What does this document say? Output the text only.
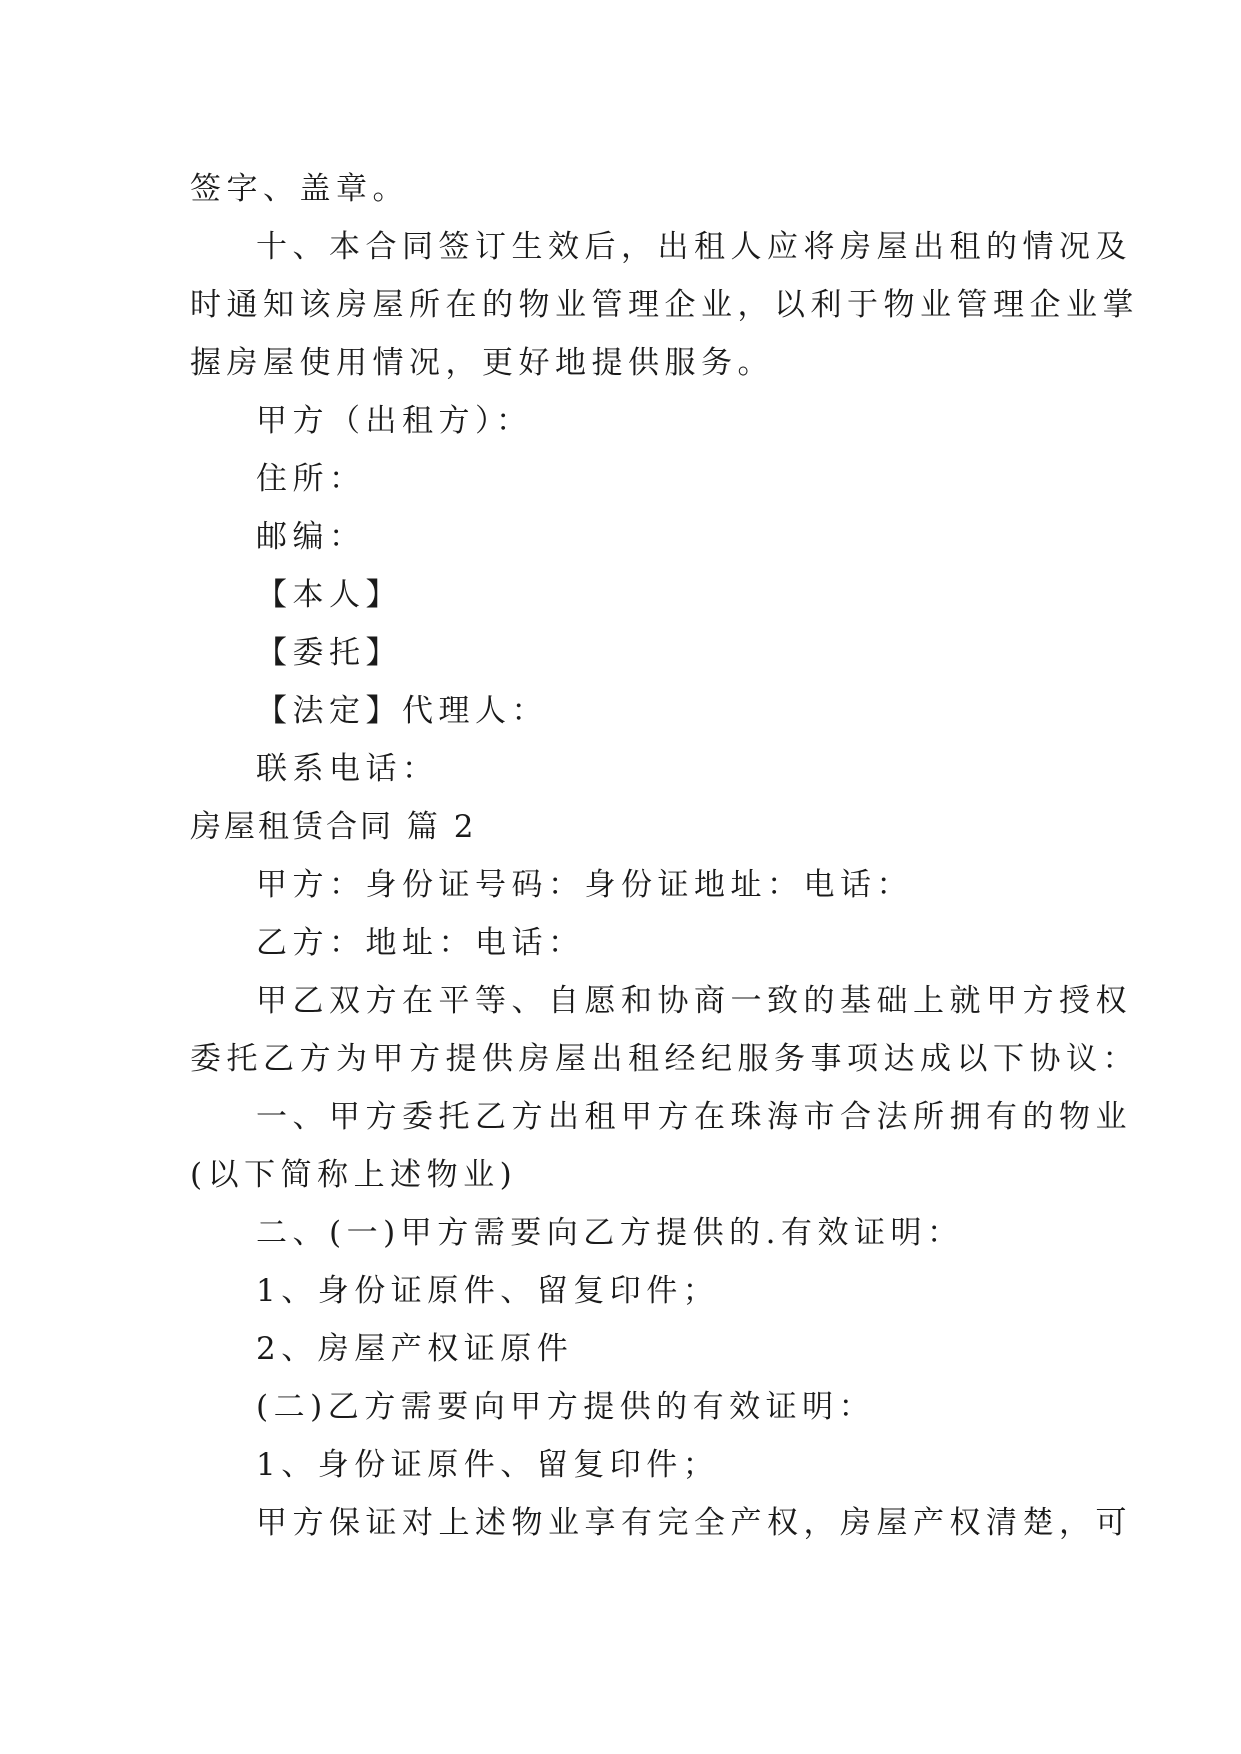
签字、盖章。
十、本合同签订生效后，出租人应将房屋出租的情况及
时通知该房屋所在的物业管理企业，以利于物业管理企业掌
握房屋使用情况，更好地提供服务。
甲方（出租方）：
住所：
邮编：
【本人】
【委托】
【法定】代理人：
联系电话：
房屋租赁合同 篇 2
甲方：身份证号码：身份证地址：电话：
乙方：地址：电话：
甲乙双方在平等、自愿和协商一致的基础上就甲方授权
委托乙方为甲方提供房屋出租经纪服务事项达成以下协议：
一、甲方委托乙方出租甲方在珠海市合法所拥有的物业
(以下简称上述物业)
二、(一)甲方需要向乙方提供的.有效证明：
1、身份证原件、留复印件；
2、房屋产权证原件
(二)乙方需要向甲方提供的有效证明：
1、身份证原件、留复印件；
甲方保证对上述物业享有完全产权，房屋产权清楚，可
